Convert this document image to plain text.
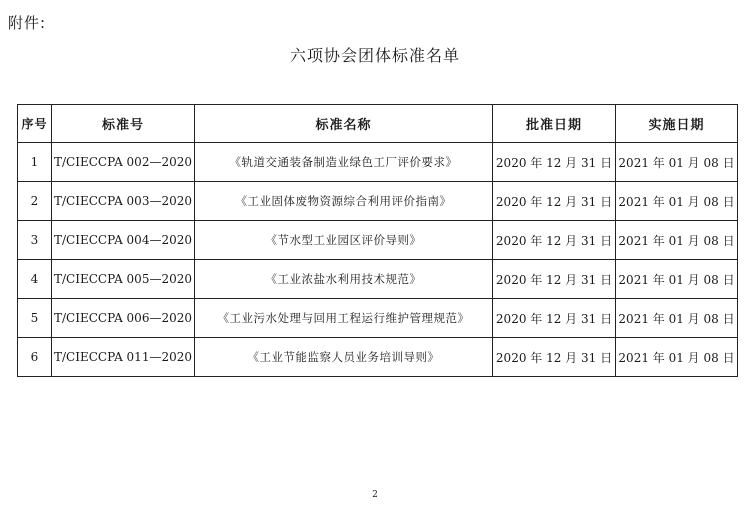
附件:
六项协会团体标准名单
序号	标准号	标准名称	批准日期	实施日期
1	T/CIECCPA 002—2020	《轨道交通装备制造业绿色工厂评价要求》	2020 年 12 月 31 日	2021 年 01 月 08 日
2	T/CIECCPA 003—2020	《工业固体废物资源综合利用评价指南》	2020 年 12 月 31 日	2021 年 01 月 08 日
3	T/CIECCPA 004—2020	《节水型工业园区评价导则》	2020 年 12 月 31 日	2021 年 01 月 08 日
4	T/CIECCPA 005—2020	《工业浓盐水利用技术规范》	2020 年 12 月 31 日	2021 年 01 月 08 日
5	T/CIECCPA 006—2020	《工业污水处理与回用工程运行维护管理规范》	2020 年 12 月 31 日	2021 年 01 月 08 日
6	T/CIECCPA 011—2020	《工业节能监察人员业务培训导则》	2020 年 12 月 31 日	2021 年 01 月 08 日
2
